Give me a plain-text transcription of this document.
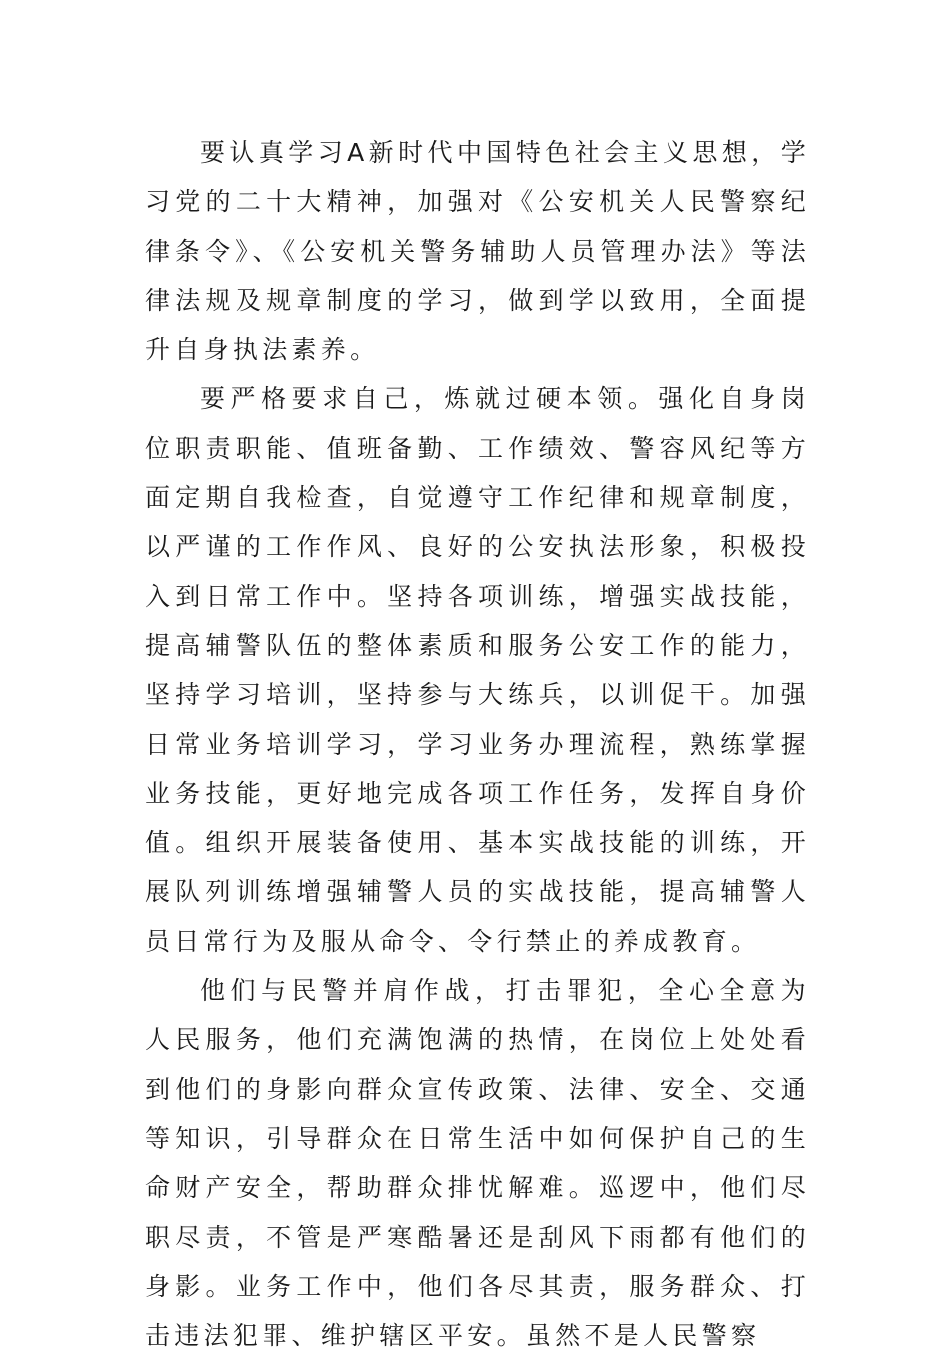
要认真学习A新时代中国特色社会主义思想，学习党的二十大精神，加强对《公安机关人民警察纪律条令》、《公安机关警务辅助人员管理办法》等法律法规及规章制度的学习，做到学以致用，全面提升自身执法素养。

要严格要求自己，炼就过硬本领。强化自身岗位职责职能、值班备勤、工作绩效、警容风纪等方面定期自我检查，自觉遵守工作纪律和规章制度，以严谨的工作作风、良好的公安执法形象，积极投入到日常工作中。坚持各项训练，增强实战技能，提高辅警队伍的整体素质和服务公安工作的能力，坚持学习培训，坚持参与大练兵，以训促干。加强日常业务培训学习，学习业务办理流程，熟练掌握业务技能，更好地完成各项工作任务，发挥自身价值。组织开展装备使用、基本实战技能的训练，开展队列训练增强辅警人员的实战技能，提高辅警人员日常行为及服从命令、令行禁止的养成教育。

他们与民警并肩作战，打击罪犯，全心全意为人民服务，他们充满饱满的热情，在岗位上处处看到他们的身影向群众宣传政策、法律、安全、交通等知识，引导群众在日常生活中如何保护自己的生命财产安全，帮助群众排忧解难。巡逻中，他们尽职尽责，不管是严寒酷暑还是刮风下雨都有他们的身影。业务工作中，他们各尽其责，服务群众、打击违法犯罪、维护辖区平安。虽然不是人民警察
